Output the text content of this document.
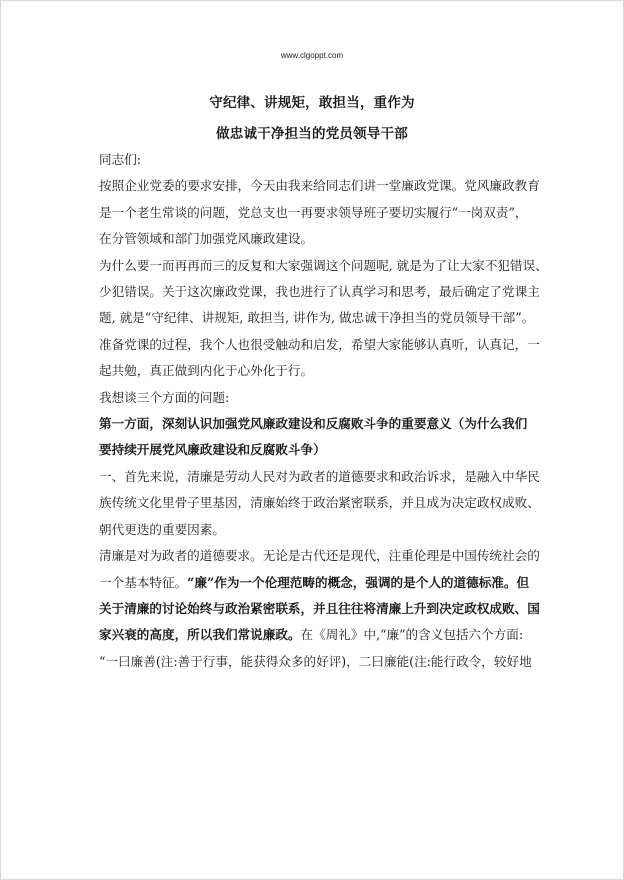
www.clgoppt.com
守纪律、讲规矩，敢担当，重作为
做忠诚干净担当的党员领导干部

同志们:

按照企业党委的要求安排，今天由我来给同志们讲一堂廉政党课。党风廉政教育
是一个老生常谈的问题，党总支也一再要求领导班子要切实履行“一岗双责”，
在分管领域和部门加强党风廉政建设。

为什么要一而再再而三的反复和大家强调这个问题呢, 就是为了让大家不犯错误、
少犯错误。关于这次廉政党课，我也进行了认真学习和思考，最后确定了党课主
题, 就是“守纪律、讲规矩, 敢担当, 讲作为, 做忠诚干净担当的党员领导干部”。
准备党课的过程，我个人也很受触动和启发，希望大家能够认真听，认真记，一
起共勉，真正做到内化于心外化于行。

我想谈三个方面的问题:

第一方面，深刻认识加强党风廉政建设和反腐败斗争的重要意义（为什么我们
要持续开展党风廉政建设和反腐败斗争）

一、首先来说，清廉是劳动人民对为政者的道德要求和政治诉求，是融入中华民
族传统文化里骨子里基因，清廉始终于政治紧密联系，并且成为决定政权成败、
朝代更迭的重要因素。

清廉是对为政者的道德要求。无论是古代还是现代，注重伦理是中国传统社会的
一个基本特征。“廉”作为一个伦理范畴的概念，强调的是个人的道德标准。但
关于清廉的讨论始终与政治紧密联系，并且往往将清廉上升到决定政权成败、国
家兴衰的高度，所以我们常说廉政。在《周礼》中,“廉”的含义包括六个方面:
“一曰廉善(注:善于行事，能获得众多的好评)，二曰廉能(注:能行政令，较好地
